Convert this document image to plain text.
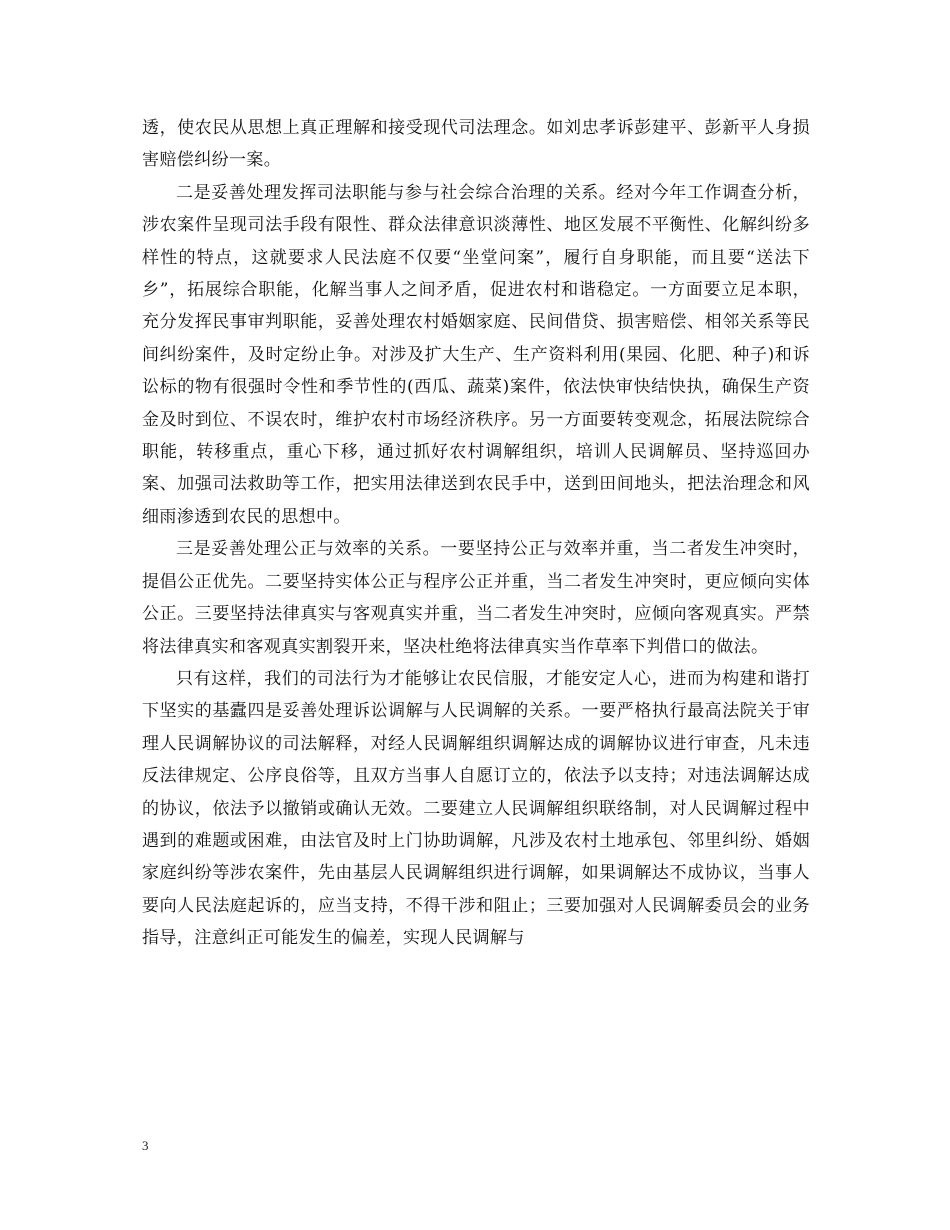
透，使农民从思想上真正理解和接受现代司法理念。如刘忠孝诉彭建平、彭新平人身损害赔偿纠纷一案。

二是妥善处理发挥司法职能与参与社会综合治理的关系。经对今年工作调查分析，涉农案件呈现司法手段有限性、群众法律意识淡薄性、地区发展不平衡性、化解纠纷多样性的特点，这就要求人民法庭不仅要“坐堂问案”，履行自身职能，而且要“送法下乡”，拓展综合职能，化解当事人之间矛盾，促进农村和谐稳定。一方面要立足本职，充分发挥民事审判职能，妥善处理农村婚姻家庭、民间借贷、损害赔偿、相邻关系等民间纠纷案件，及时定纷止争。对涉及扩大生产、生产资料利用(果园、化肥、种子)和诉讼标的物有很强时令性和季节性的(西瓜、蔬菜)案件，依法快审快结快执，确保生产资金及时到位、不误农时，维护农村市场经济秩序。另一方面要转变观念，拓展法院综合职能，转移重点，重心下移，通过抓好农村调解组织，培训人民调解员、坚持巡回办案、加强司法救助等工作，把实用法律送到农民手中，送到田间地头，把法治理念和风细雨渗透到农民的思想中。

三是妥善处理公正与效率的关系。一要坚持公正与效率并重，当二者发生冲突时，提倡公正优先。二要坚持实体公正与程序公正并重，当二者发生冲突时，更应倾向实体公正。三要坚持法律真实与客观真实并重，当二者发生冲突时，应倾向客观真实。严禁将法律真实和客观真实割裂开来，坚决杜绝将法律真实当作草率下判借口的做法。

只有这样，我们的司法行为才能够让农民信服，才能安定人心，进而为构建和谐打下坚实的基蠹四是妥善处理诉讼调解与人民调解的关系。一要严格执行最高法院关于审理人民调解协议的司法解释，对经人民调解组织调解达成的调解协议进行审查，凡未违反法律规定、公序良俗等，且双方当事人自愿订立的，依法予以支持；对违法调解达成的协议，依法予以撤销或确认无效。二要建立人民调解组织联络制，对人民调解过程中遇到的难题或困难，由法官及时上门协助调解，凡涉及农村土地承包、邻里纠纷、婚姻家庭纠纷等涉农案件，先由基层人民调解组织进行调解，如果调解达不成协议，当事人要向人民法庭起诉的，应当支持，不得干涉和阻止；三要加强对人民调解委员会的业务指导，注意纠正可能发生的偏差，实现人民调解与

3
